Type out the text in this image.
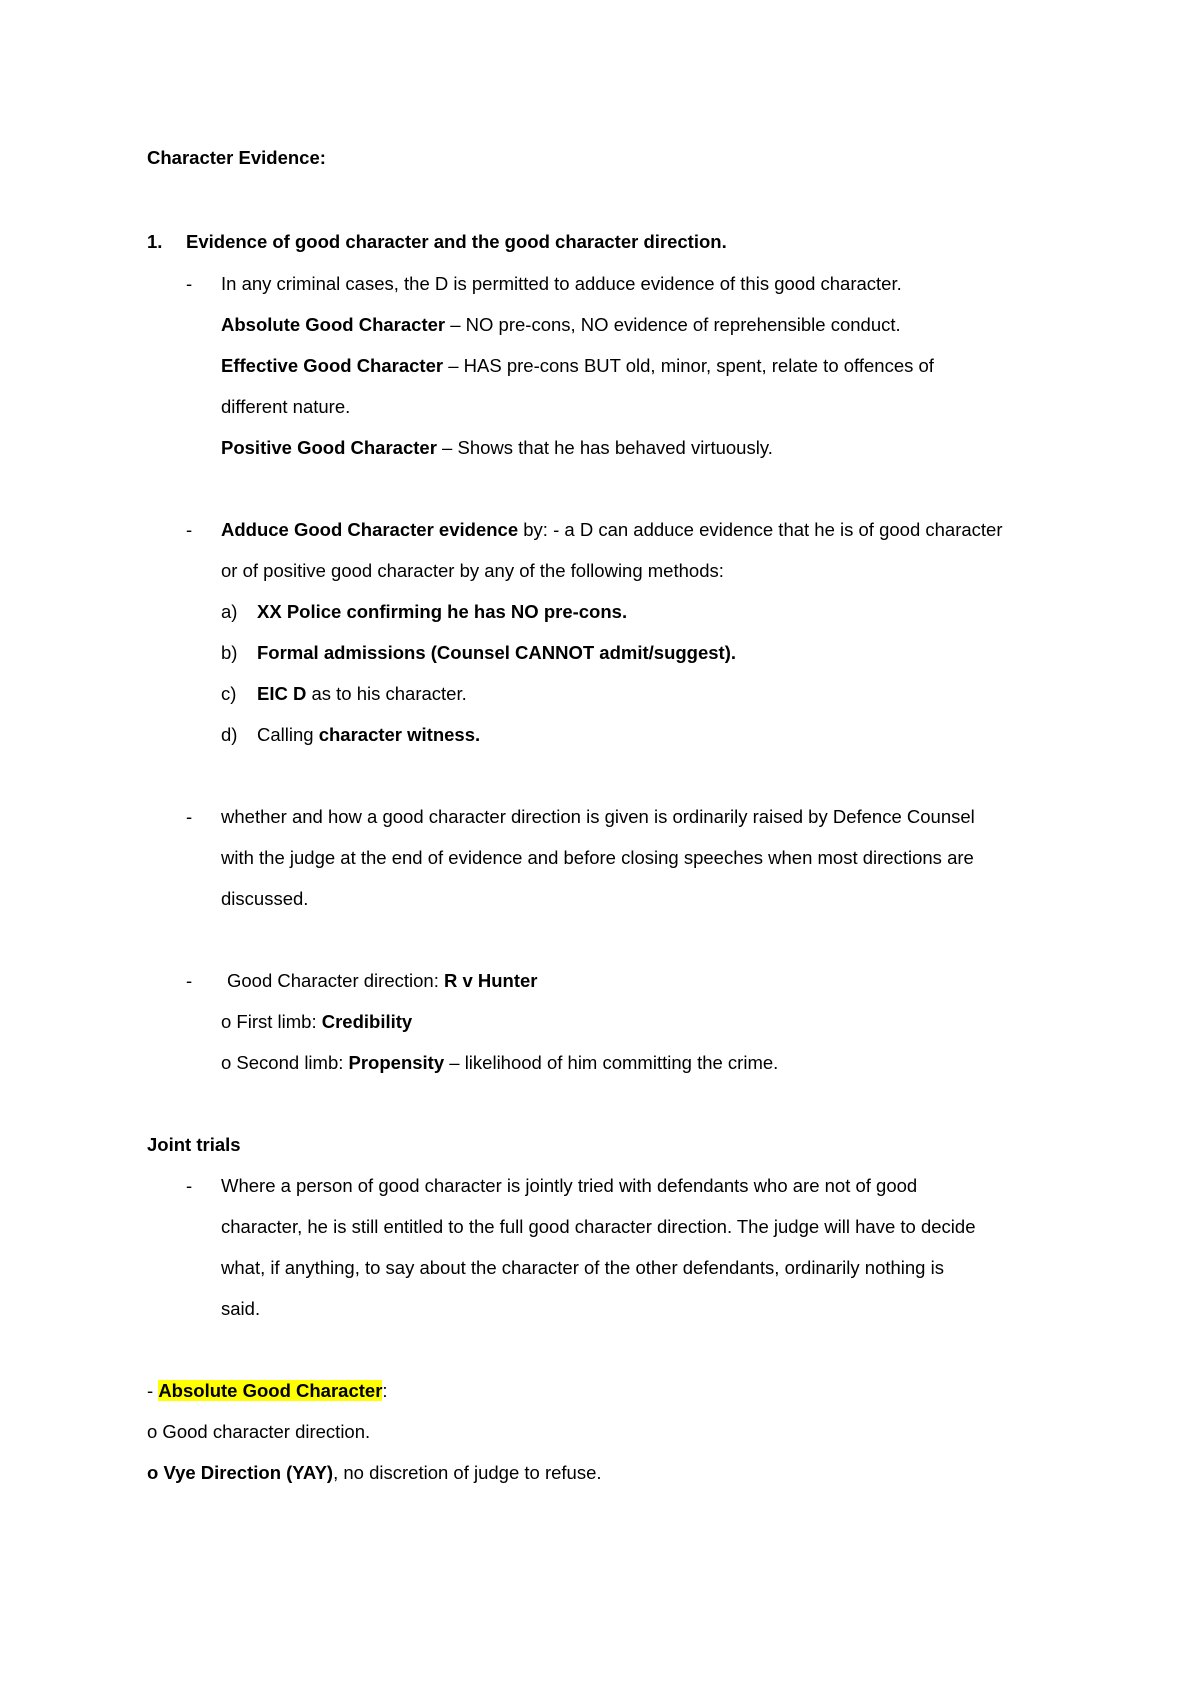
Character Evidence:
1. Evidence of good character and the good character direction.
- In any criminal cases, the D is permitted to adduce evidence of this good character.
Absolute Good Character – NO pre-cons, NO evidence of reprehensible conduct.
Effective Good Character – HAS pre-cons BUT old, minor, spent, relate to offences of
different nature.
Positive Good Character – Shows that he has behaved virtuously.
- Adduce Good Character evidence by: - a D can adduce evidence that he is of good character
or of positive good character by any of the following methods:
a) XX Police confirming he has NO pre-cons.
b) Formal admissions (Counsel CANNOT admit/suggest).
c) EIC D as to his character.
d) Calling character witness.
- whether and how a good character direction is given is ordinarily raised by Defence Counsel
with the judge at the end of evidence and before closing speeches when most directions are
discussed.
- Good Character direction: R v Hunter
o First limb: Credibility
o Second limb: Propensity – likelihood of him committing the crime.
Joint trials
- Where a person of good character is jointly tried with defendants who are not of good
character, he is still entitled to the full good character direction. The judge will have to decide
what, if anything, to say about the character of the other defendants, ordinarily nothing is
said.
- Absolute Good Character:
o Good character direction.
o Vye Direction (YAY), no discretion of judge to refuse.
